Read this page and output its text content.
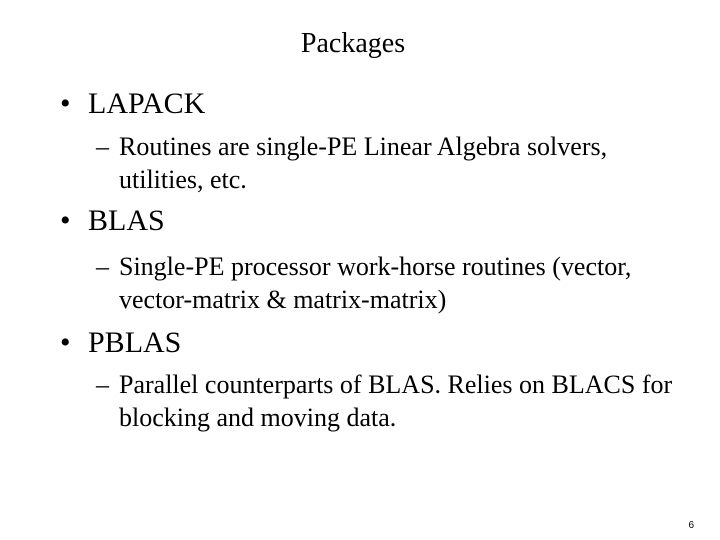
Packages
• LAPACK
– Routines are single-PE Linear Algebra solvers, utilities, etc.
• BLAS
– Single-PE processor work-horse routines (vector, vector-matrix & matrix-matrix)
• PBLAS
– Parallel counterparts of BLAS. Relies on BLACS for blocking and moving data.
6
